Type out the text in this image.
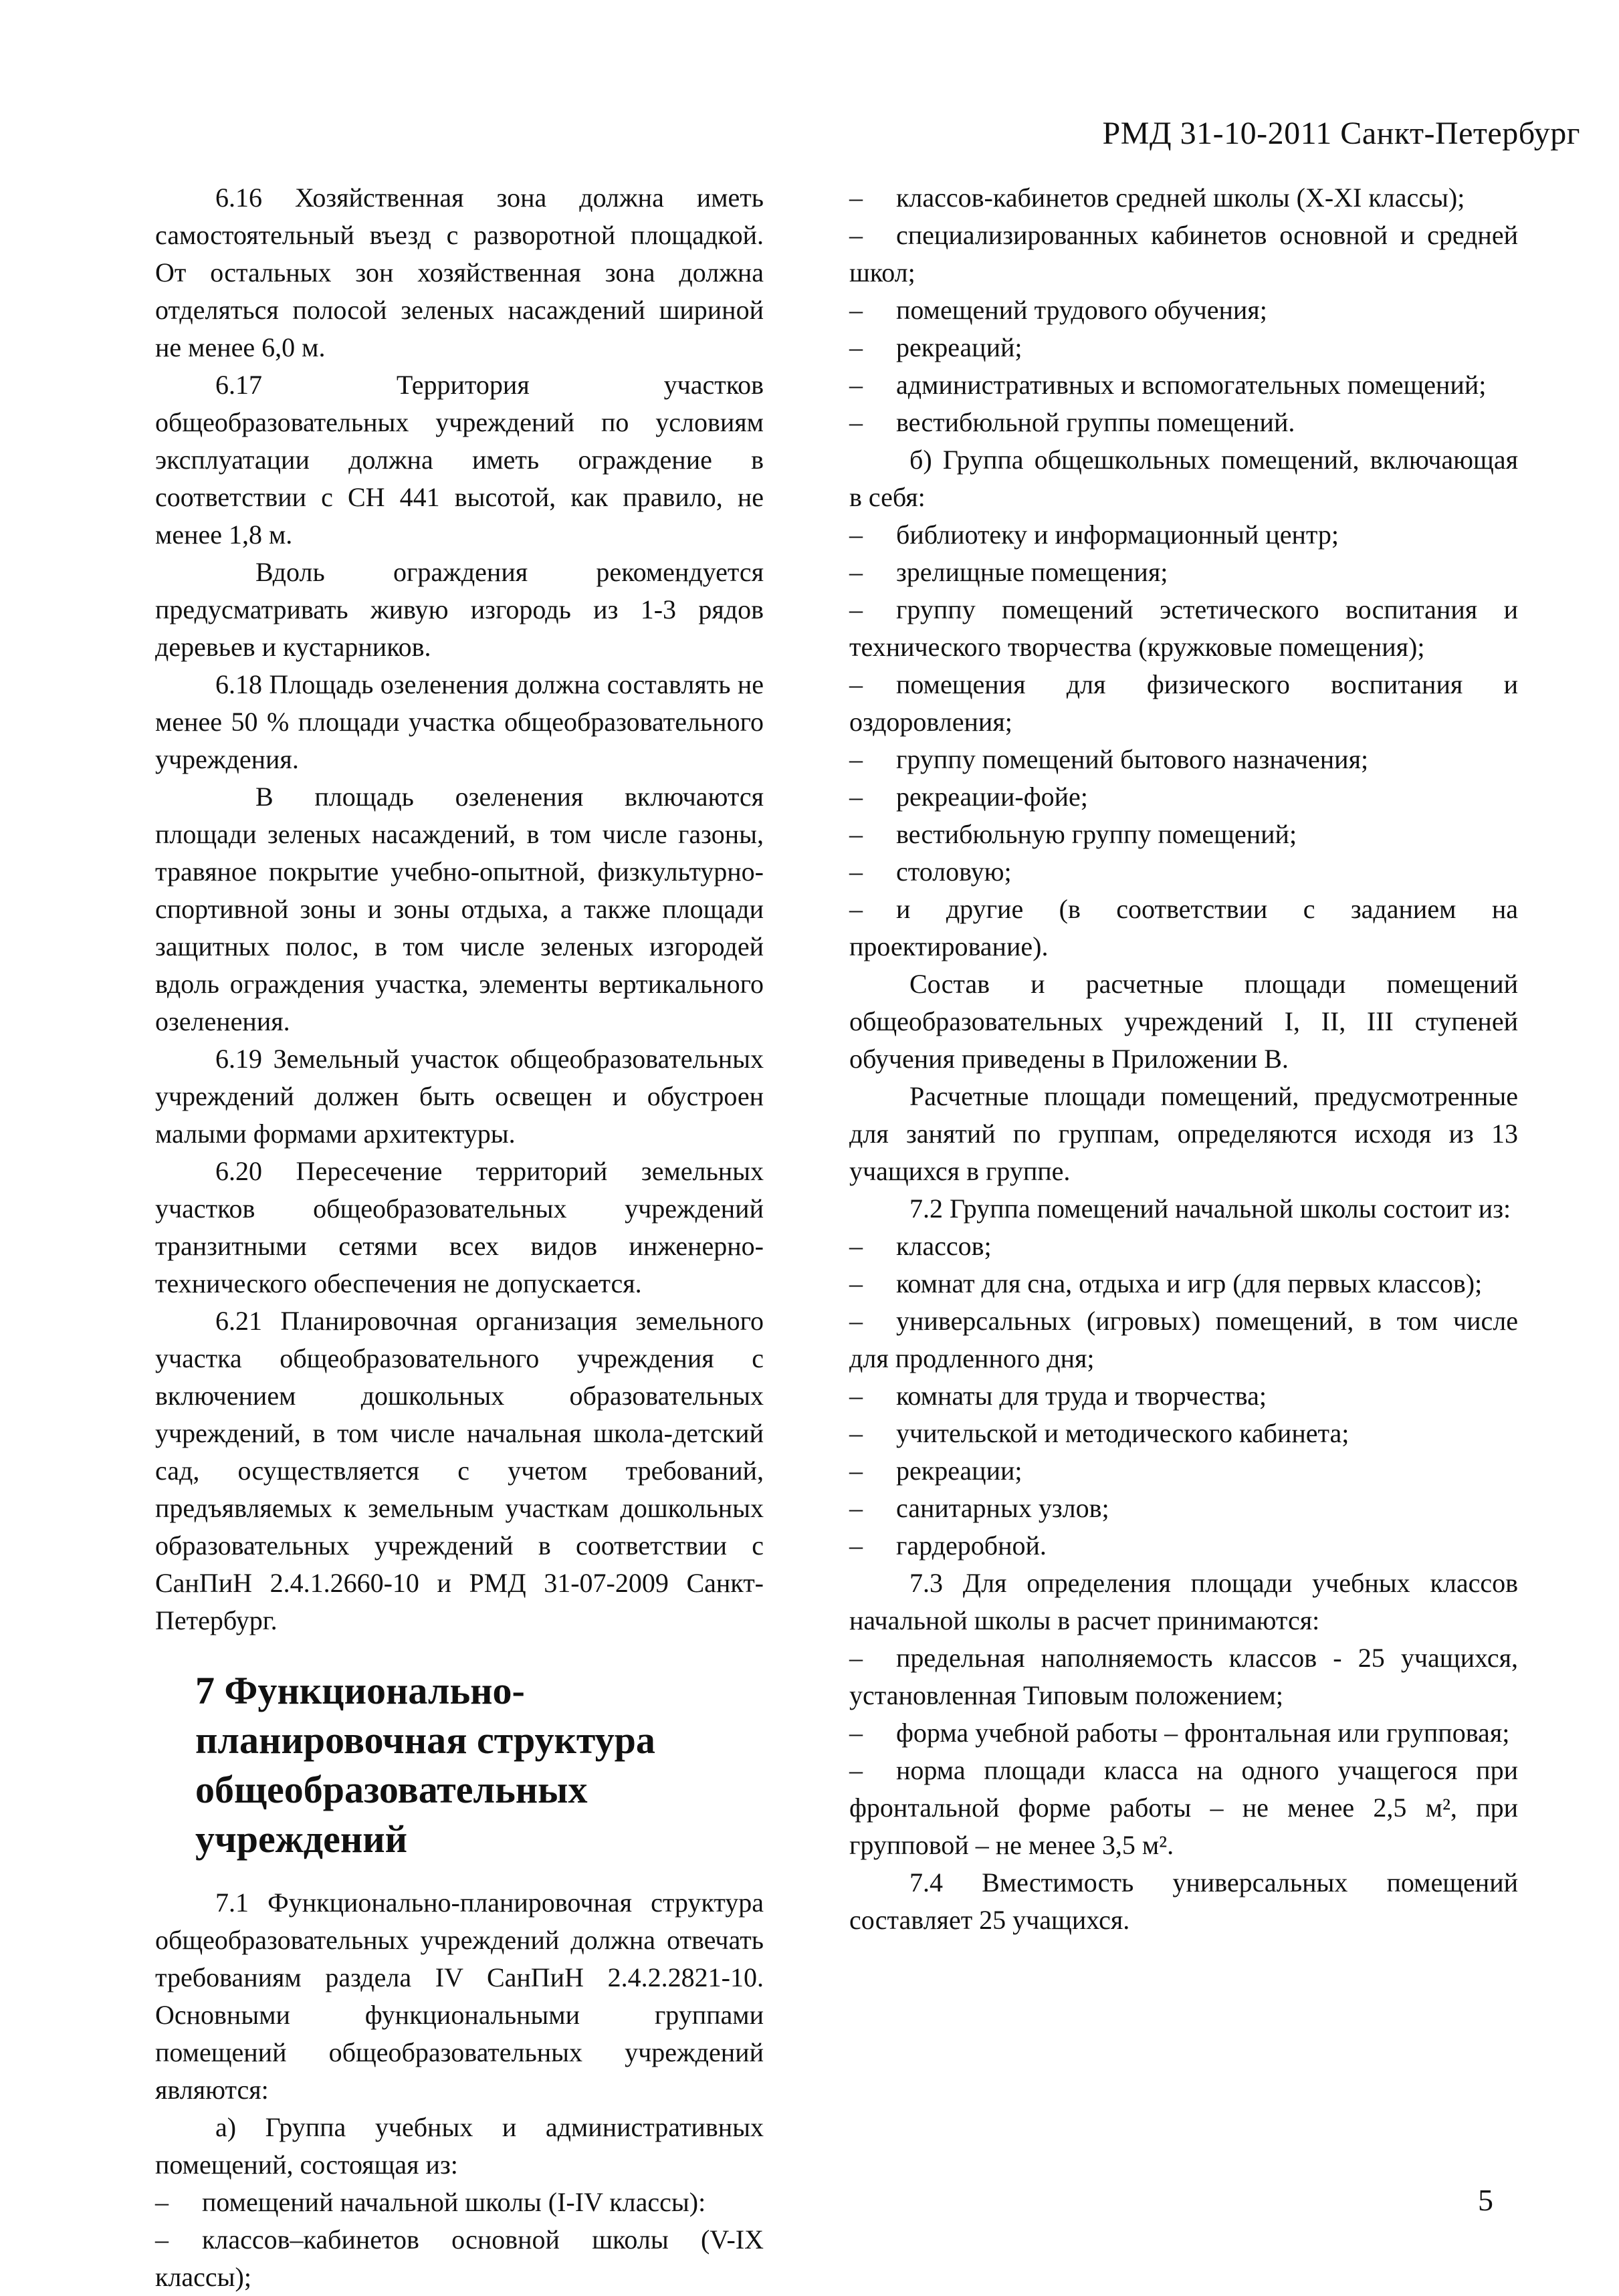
РМД 31-10-2011 Санкт-Петербург

6.16 Хозяйственная зона должна иметь самостоятельный въезд с разворотной площадкой. От остальных зон хозяйственная зона должна отделяться полосой зеленых насаждений шириной не менее 6,0 м.

6.17 Территория участков общеобразовательных учреждений по условиям эксплуатации должна иметь ограждение в соответствии с СН 441 высотой, как правило, не менее 1,8 м.

Вдоль ограждения рекомендуется предусматривать живую изгородь из 1-3 рядов деревьев и кустарников.

6.18 Площадь озеленения должна составлять не менее 50 % площади участка общеобразовательного учреждения.

В площадь озеленения включаются площади зеленых насаждений, в том числе газоны, травяное покрытие учебно-опытной, физкультурно-спортивной зоны и зоны отдыха, а также площади защитных полос, в том числе зеленых изгородей вдоль ограждения участка, элементы вертикального озеленения.

6.19 Земельный участок общеобразовательных учреждений должен быть освещен и обустроен малыми формами архитектуры.

6.20 Пересечение территорий земельных участков общеобразовательных учреждений транзитными сетями всех видов инженерно-технического обеспечения не допускается.

6.21 Планировочная организация земельного участка общеобразовательного учреждения с включением дошкольных образовательных учреждений, в том числе начальная школа-детский сад, осуществляется с учетом требований, предъявляемых к земельным участкам дошкольных образовательных учреждений в соответствии с СанПиН 2.4.1.2660-10 и РМД 31-07-2009 Санкт-Петербург.

7 Функционально-планировочная структура общеобразовательных учреждений

7.1 Функционально-планировочная структура общеобразовательных учреждений должна отвечать требованиям раздела IV СанПиН 2.4.2.2821-10. Основными функциональными группами помещений общеобразовательных учреждений являются:

а) Группа учебных и административных помещений, состоящая из:

– помещений начальной школы (I-IV классы):

– классов–кабинетов основной школы (V-IX классы);

– классов-кабинетов средней школы (X-XI классы);

– специализированных кабинетов основной и средней школ;

– помещений трудового обучения;

– рекреаций;

– административных и вспомогательных помещений;

– вестибюльной группы помещений.

б) Группа общешкольных помещений, включающая в себя:

– библиотеку и информационный центр;

– зрелищные помещения;

– группу помещений эстетического воспитания и технического творчества (кружковые помещения);

– помещения для физического воспитания и оздоровления;

– группу помещений бытового назначения;

– рекреации-фойе;

– вестибюльную группу помещений;

– столовую;

– и другие (в соответствии с заданием на проектирование).

Состав и расчетные площади помещений общеобразовательных учреждений I, II, III ступеней обучения приведены в Приложении В.

Расчетные площади помещений, предусмотренные для занятий по группам, определяются исходя из 13 учащихся в группе.

7.2 Группа помещений начальной школы состоит из:

– классов;

– комнат для сна, отдыха и игр (для первых классов);

– универсальных (игровых) помещений, в том числе для продленного дня;

– комнаты для труда и творчества;

– учительской и методического кабинета;

– рекреации;

– санитарных узлов;

– гардеробной.

7.3 Для определения площади учебных классов начальной школы в расчет принимаются:

– предельная наполняемость классов - 25 учащихся, установленная Типовым положением;

– форма учебной работы – фронтальная или групповая;

– норма площади класса на одного учащегося при фронтальной форме работы – не менее 2,5 м², при групповой – не менее 3,5 м².

7.4 Вместимость универсальных помещений составляет 25 учащихся.

5
